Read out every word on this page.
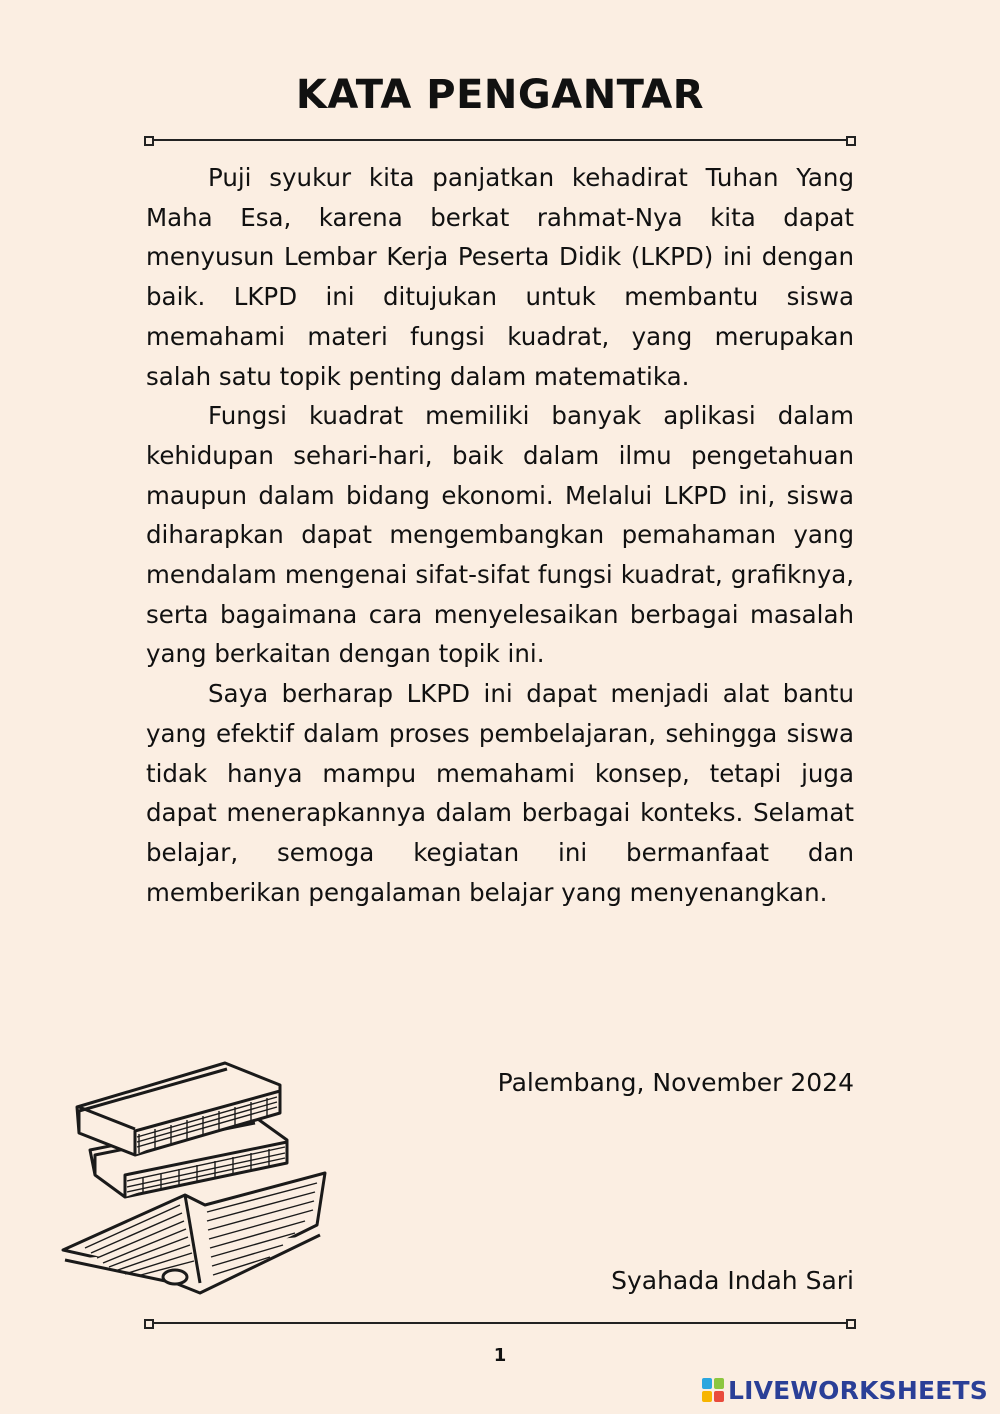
KATA PENGANTAR

Puji syukur kita panjatkan kehadirat Tuhan Yang Maha Esa, karena berkat rahmat-Nya kita dapat menyusun Lembar Kerja Peserta Didik (LKPD) ini dengan baik. LKPD ini ditujukan untuk membantu siswa memahami materi fungsi kuadrat, yang merupakan salah satu topik penting dalam matematika.

Fungsi kuadrat memiliki banyak aplikasi dalam kehidupan sehari-hari, baik dalam ilmu pengetahuan maupun dalam bidang ekonomi. Melalui LKPD ini, siswa diharapkan dapat mengembangkan pemahaman yang mendalam mengenai sifat-sifat fungsi kuadrat, grafiknya, serta bagaimana cara menyelesaikan berbagai masalah yang berkaitan dengan topik ini.

Saya berharap LKPD ini dapat menjadi alat bantu yang efektif dalam proses pembelajaran, sehingga siswa tidak hanya mampu memahami konsep, tetapi juga dapat menerapkannya dalam berbagai konteks. Selamat belajar, semoga kegiatan ini bermanfaat dan memberikan pengalaman belajar yang menyenangkan.

Palembang, November 2024
Syahada Indah Sari
1
LIVEWORKSHEETS
